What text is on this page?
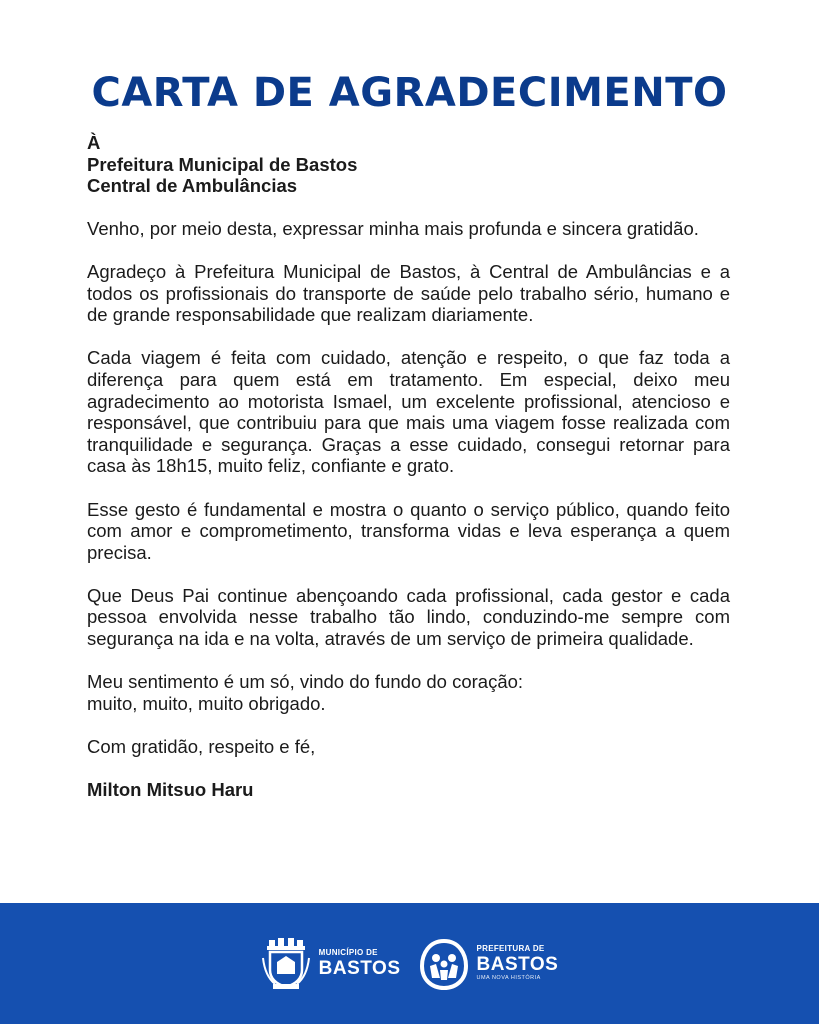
CARTA DE AGRADECIMENTO

À
Prefeitura Municipal de Bastos
Central de Ambulâncias

Venho, por meio desta, expressar minha mais profunda e sincera gratidão.

Agradeço à Prefeitura Municipal de Bastos, à Central de Ambulâncias e a todos os profissionais do transporte de saúde pelo trabalho sério, humano e de grande responsabilidade que realizam diariamente.

Cada viagem é feita com cuidado, atenção e respeito, o que faz toda a diferença para quem está em tratamento. Em especial, deixo meu agradecimento ao motorista Ismael, um excelente profissional, atencioso e responsável, que contribuiu para que mais uma viagem fosse realizada com tranquilidade e segurança. Graças a esse cuidado, consegui retornar para casa às 18h15, muito feliz, confiante e grato.

Esse gesto é fundamental e mostra o quanto o serviço público, quando feito com amor e comprometimento, transforma vidas e leva esperança a quem precisa.

Que Deus Pai continue abençoando cada profissional, cada gestor e cada pessoa envolvida nesse trabalho tão lindo, conduzindo-me sempre com segurança na ida e na volta, através de um serviço de primeira qualidade.

Meu sentimento é um só, vindo do fundo do coração:
muito, muito, muito obrigado.

Com gratidão, respeito e fé,

Milton Mitsuo Haru

MUNICÍPIO DE
BASTOS
PREFEITURA DE
BASTOS
UMA NOVA HISTÓRIA
